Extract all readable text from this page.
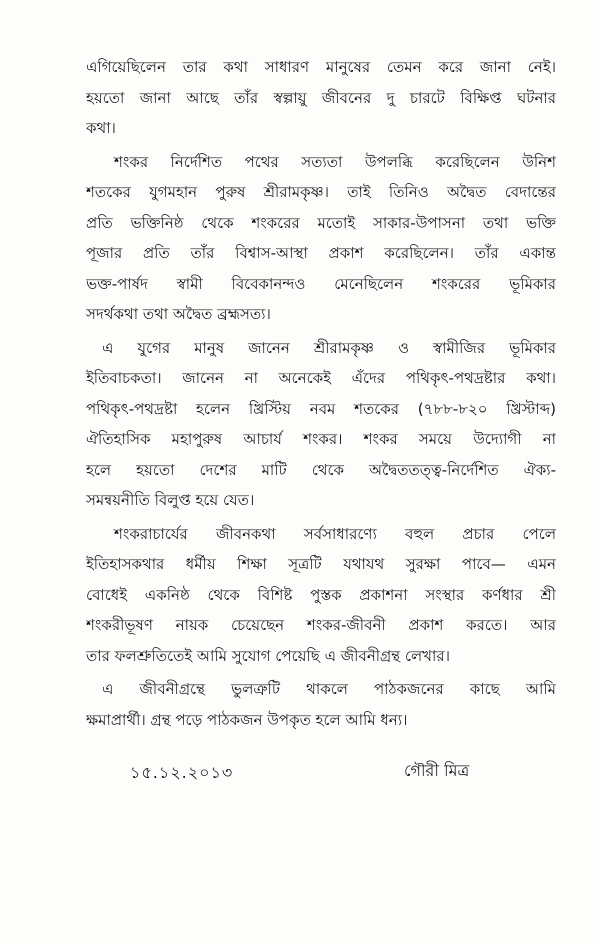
এগিয়েছিলেন তার কথা সাধারণ মানুষের তেমন করে জানা নেই।
হয়তো জানা আছে তাঁর স্বল্পায়ু জীবনের দু চারটে বিক্ষিপ্ত ঘটনার
কথা।
শংকর নির্দেশিত পথের সত্যতা উপলব্ধি করেছিলেন উনিশ
শতকের যুগমহান পুরুষ শ্রীরামকৃষ্ণ। তাই তিনিও অদ্বৈত বেদান্তের
প্রতি ভক্তিনিষ্ঠ থেকে শংকরের মতোই সাকার-উপাসনা তথা ভক্তি
পূজার প্রতি তাঁর বিশ্বাস-আস্থা প্রকাশ করেছিলেন। তাঁর একান্ত
ভক্ত-পার্ষদ স্বামী বিবেকানন্দও মেনেছিলেন শংকরের ভূমিকার
সদর্থকথা তথা অদ্বৈত ব্রহ্মসত্য।
এ যুগের মানুষ জানেন শ্রীরামকৃষ্ণ ও স্বামীজির ভূমিকার
ইতিবাচকতা। জানেন না অনেকেই এঁদের পথিকৃৎ-পথদ্রষ্টার কথা।
পথিকৃৎ-পথদ্রষ্টা হলেন খ্রিস্টিয় নবম শতকের (৭৮৮-৮২০ খ্রিস্টাব্দ)
ঐতিহাসিক মহাপুরুষ আচার্য শংকর। শংকর সময়ে উদ্যোগী না
হলে হয়তো দেশের মাটি থেকে অদ্বৈততত্ত্ব-নির্দেশিত ঐক্য-
সমন্বয়নীতি বিলুপ্ত হয়ে যেত।
শংকরাচার্যের জীবনকথা সর্বসাধারণ্যে বহুল প্রচার পেলে
ইতিহাসকথার ধর্মীয় শিক্ষা সূত্রটি যথাযথ সুরক্ষা পাবে— এমন
বোধেই একনিষ্ঠ থেকে বিশিষ্ট পুস্তক প্রকাশনা সংস্থার কর্ণধার শ্রী
শংকরীভূষণ নায়ক চেয়েছেন শংকর-জীবনী প্রকাশ করতে। আর
তার ফলশ্রুতিতেই আমি সুযোগ পেয়েছি এ জীবনীগ্রন্থ লেখার।
এ জীবনীগ্রন্থে ভুলত্রুটি থাকলে পাঠকজনের কাছে আমি
ক্ষমাপ্রার্থী। গ্রন্থ পড়ে পাঠকজন উপকৃত হলে আমি ধন্য।
১৫.১২.২০১৩	গৌরী মিত্র
